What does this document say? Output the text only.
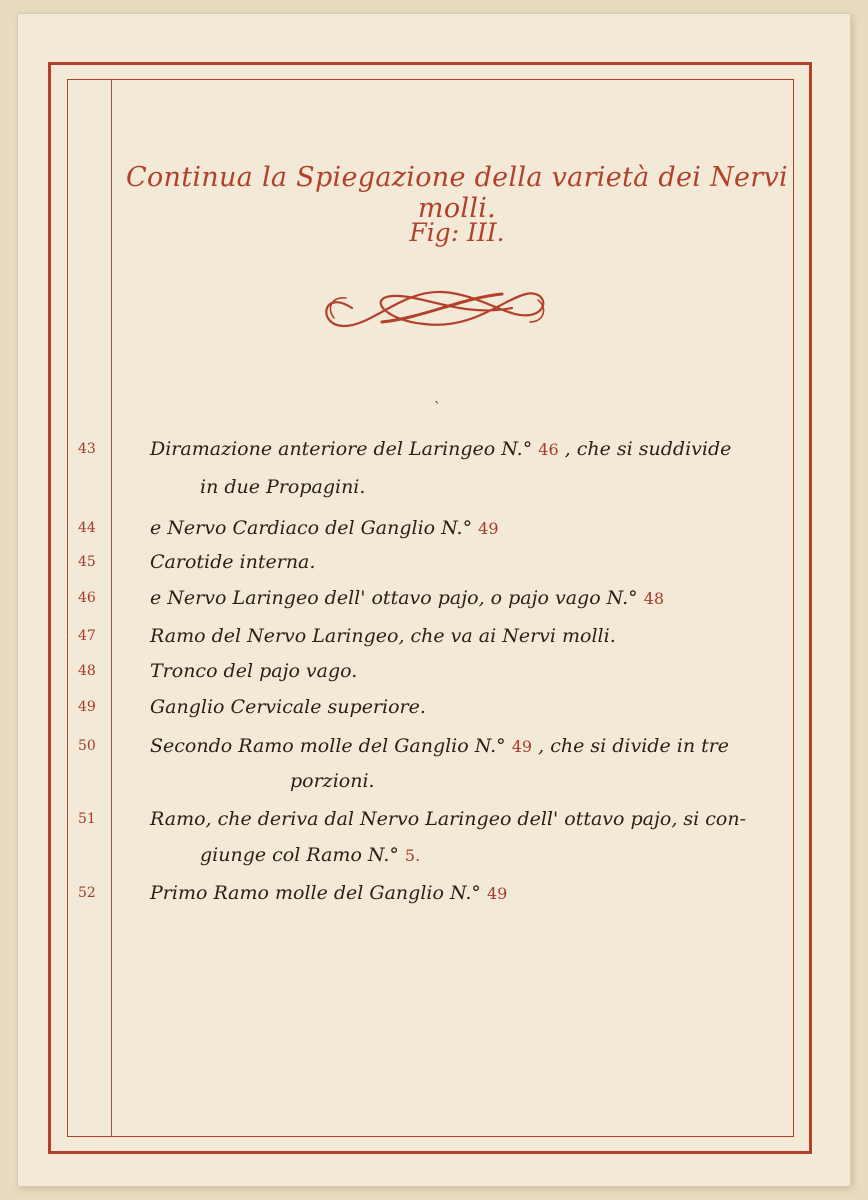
Continua la Spiegazione della varietà dei Nervi molli.
Fig: III.
ˋ
43	Diramazione anteriore del Laringeo N.° 46 , che si suddivide
in due Propagini.
44	e Nervo Cardiaco del Ganglio N.° 49
45	Carotide interna.
46	e Nervo Laringeo dell' ottavo pajo, o pajo vago N.° 48
47	Ramo del Nervo Laringeo, che va ai Nervi molli.
48	Tronco del pajo vago.
49	Ganglio Cervicale superiore.
50	Secondo Ramo molle del Ganglio N.° 49 , che si divide in tre
porzioni.
51	Ramo, che deriva dal Nervo Laringeo dell' ottavo pajo, si con-
giunge col Ramo N.° 5.
52	Primo Ramo molle del Ganglio N.° 49
